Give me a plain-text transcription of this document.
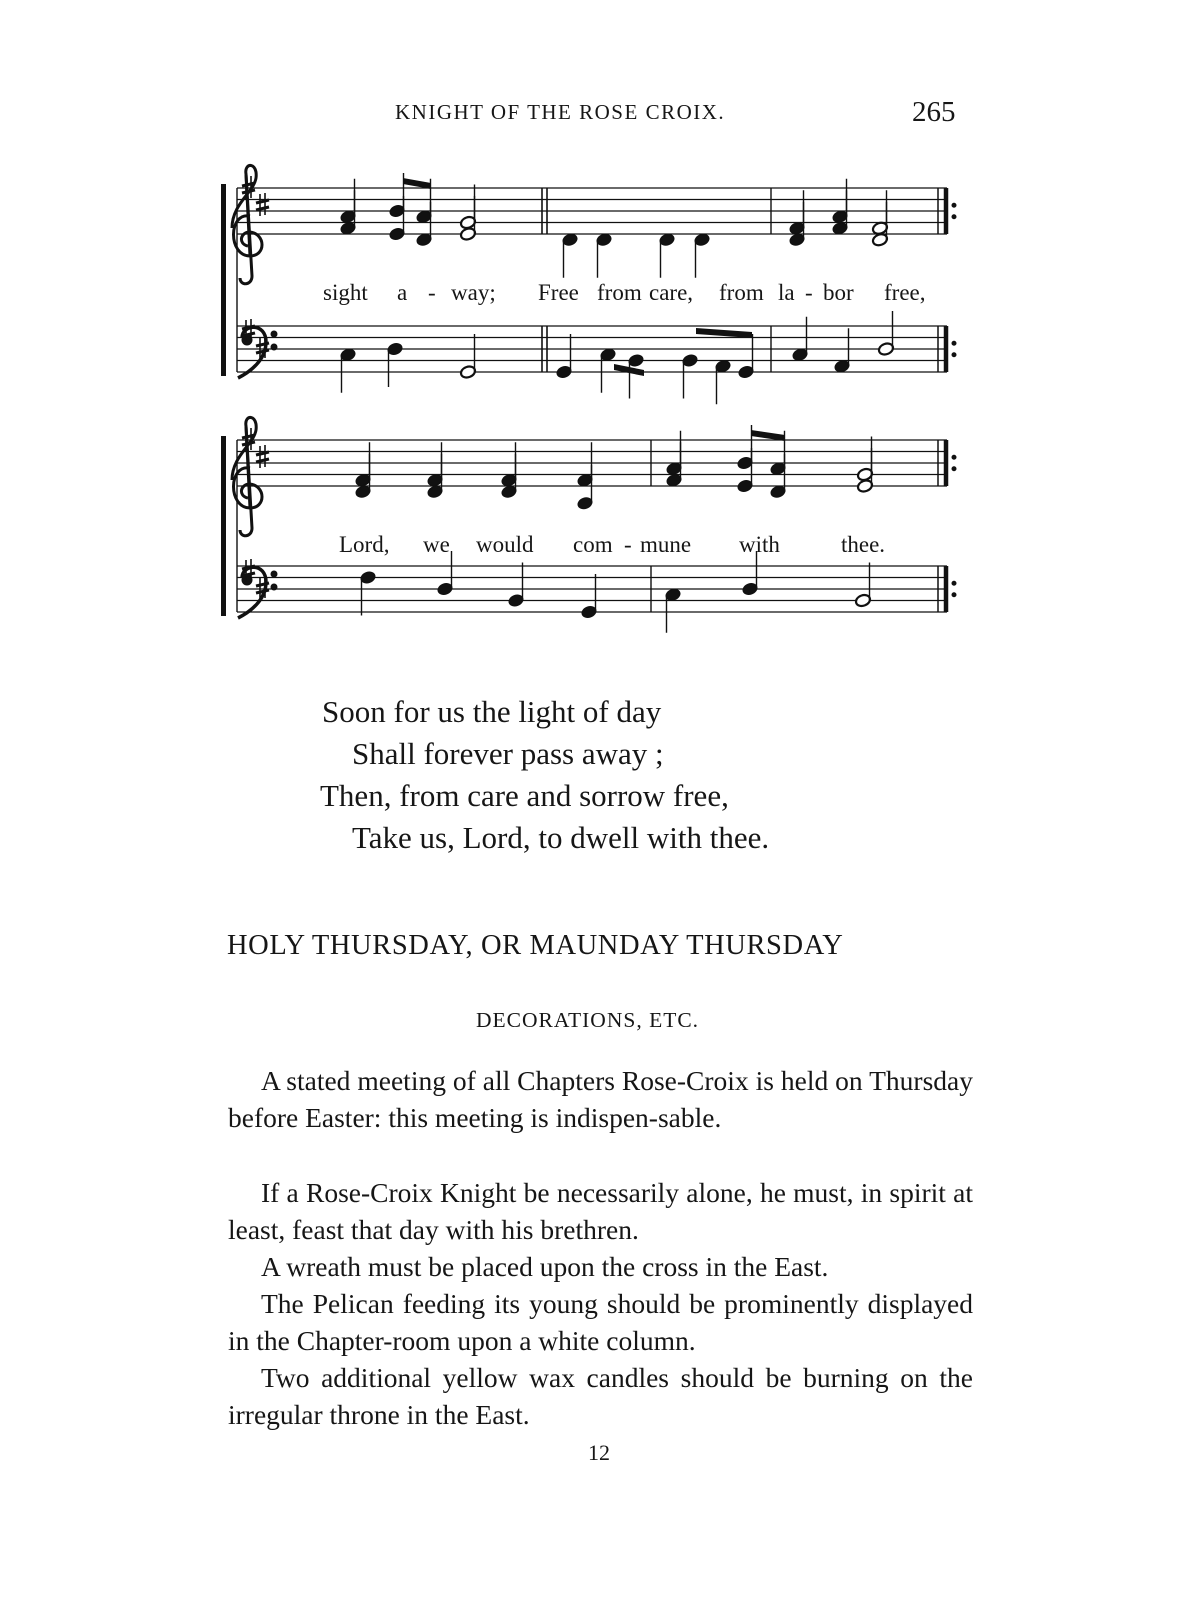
KNIGHT OF THE ROSE CROIX.	265
sight a - way; Free from care, from la - bor free,
Lord, we would com - mune with	thee.
Soon for us the light of day
Shall forever pass away ;
Then, from care and sorrow free,
Take us, Lord, to dwell with thee.
HOLY THURSDAY, OR MAUNDAY THURSDAY
DECORATIONS, ETC.

A stated meeting of all Chapters Rose-Croix is held on Thursday before Easter: this meeting is indispen-sable.

If a Rose-Croix Knight be necessarily alone, he must, in spirit at least, feast that day with his brethren.

A wreath must be placed upon the cross in the East.

The Pelican feeding its young should be prominently displayed in the Chapter-room upon a white column.

Two additional yellow wax candles should be burning on the irregular throne in the East.

12
